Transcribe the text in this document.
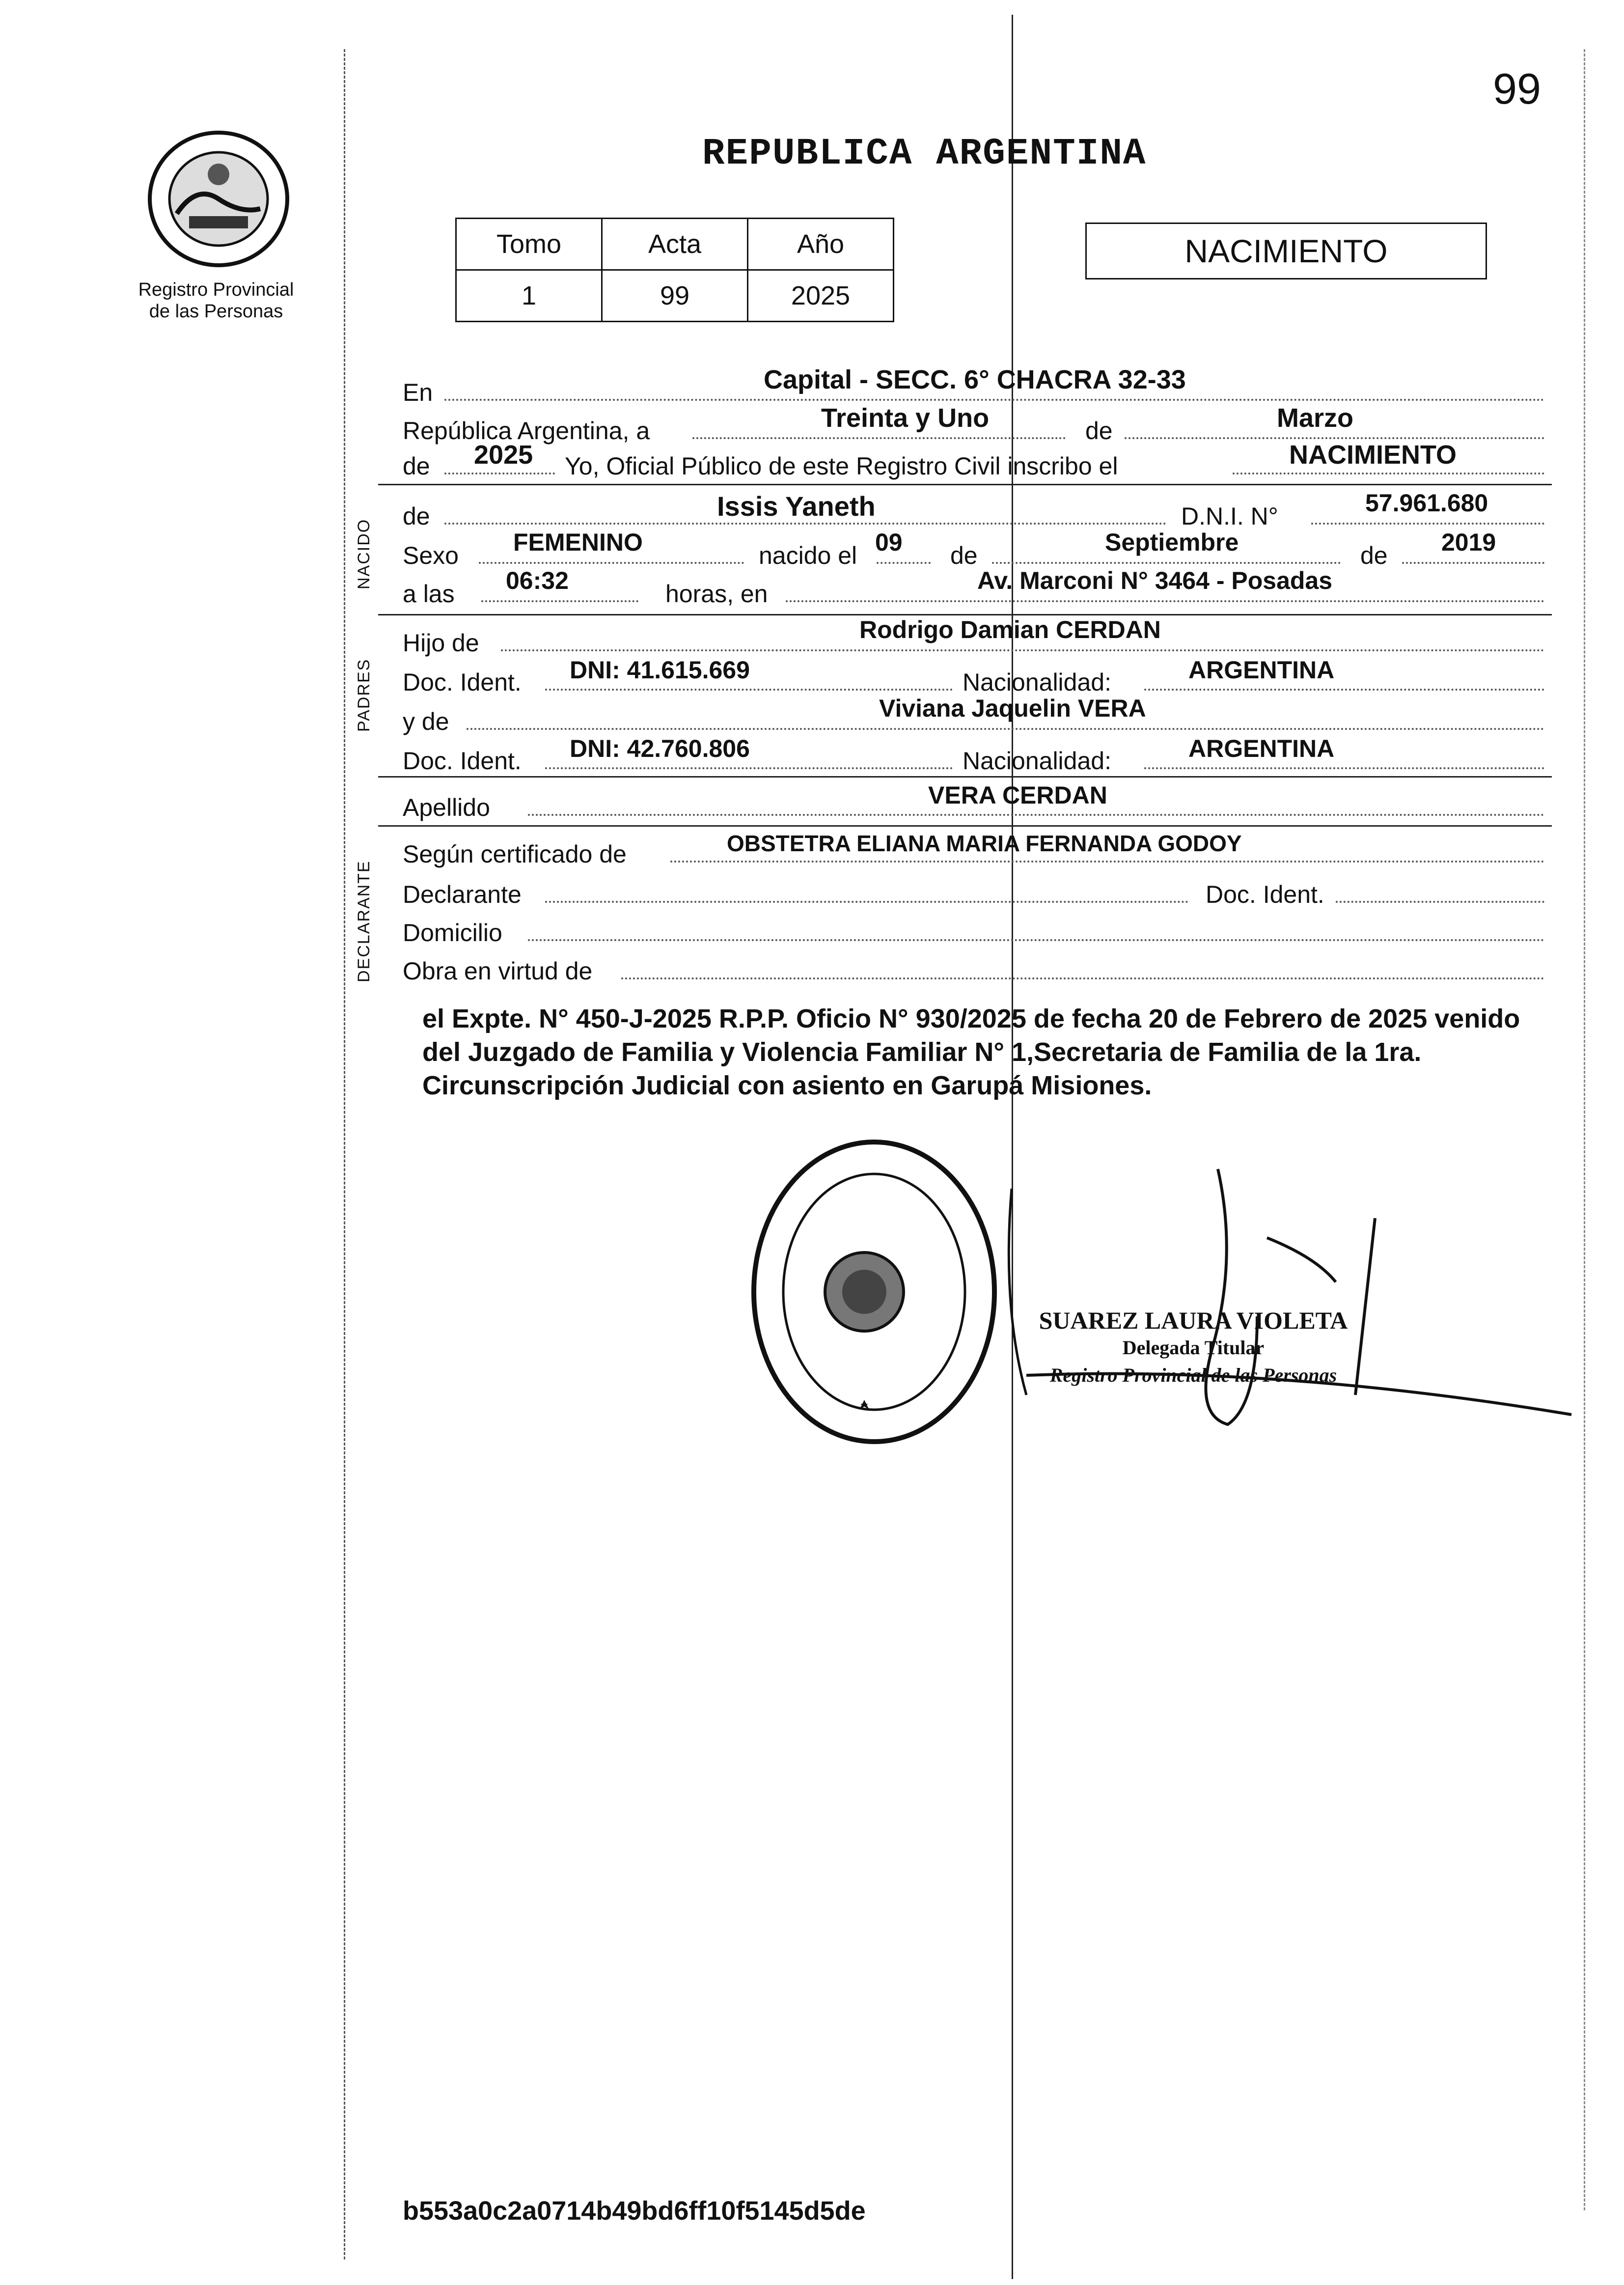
99
Registro Provincial
de las Personas
REPUBLICA ARGENTINA
Tomo	Acta	Año
1	99	2025
NACIMIENTO
En	Capital - SECC. 6° CHACRA 32-33
República Argentina, a	Treinta y Uno	de	Marzo
de 2025 Yo, Oficial Público de este Registro Civil inscribo el	NACIMIENTO
NACIDO
de	Issis Yaneth	D.N.I. N°	57.961.680
Sexo FEMENINO	nacido el 09 de	Septiembre	de 2019
a las 06:32	horas, en	Av. Marconi N° 3464 - Posadas
PADRES
Hijo de	Rodrigo Damian CERDAN
Doc. Ident. DNI: 41.615.669	Nacionalidad:	ARGENTINA
y de	Viviana Jaquelin VERA
Doc. Ident. DNI: 42.760.806	Nacionalidad:	ARGENTINA
Apellido	VERA CERDAN
DECLARANTE
Según certificado de	OBSTETRA ELIANA MARIA FERNANDA GODOY
Declarante	Doc. Ident.
Domicilio
Obra en virtud de
el Expte. N° 450-J-2025 R.P.P. Oficio N° 930/2025 de fecha 20 de Febrero de 2025 venido del Juzgado de Familia y Violencia Familiar N° 1,Secretaria de Familia de la 1ra. Circunscripción Judicial con asiento en Garupá Misiones.
SUAREZ LAURA VIOLETA
Delegada Titular
Registro Provincial de las Personas
b553a0c2a0714b49bd6ff10f5145d5de
